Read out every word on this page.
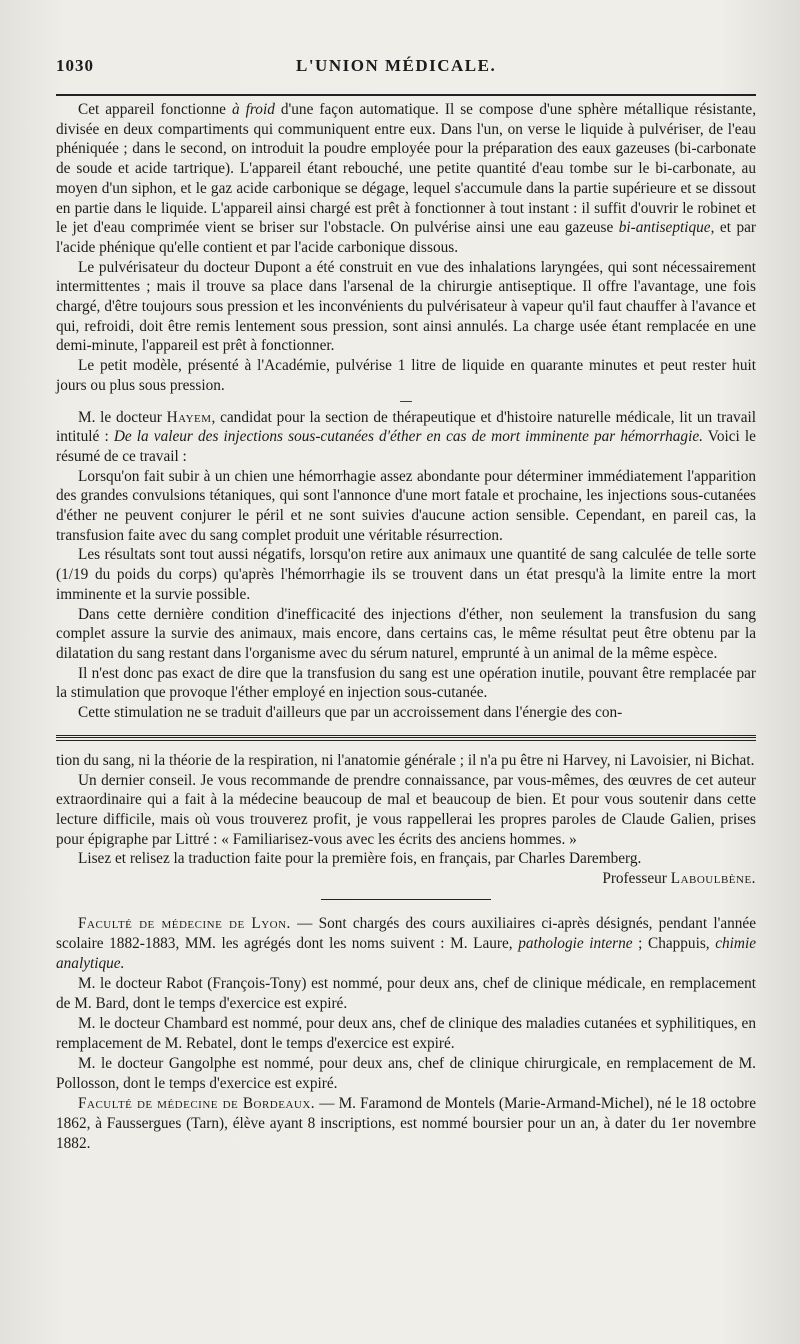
1030	L'UNION MÉDICALE.

Cet appareil fonctionne à froid d'une façon automatique. Il se compose d'une sphère métallique résistante, divisée en deux compartiments qui communiquent entre eux. Dans l'un, on verse le liquide à pulvériser, de l'eau phéniquée ; dans le second, on introduit la poudre employée pour la préparation des eaux gazeuses (bi-carbonate de soude et acide tartrique). L'appareil étant rebouché, une petite quantité d'eau tombe sur le bi-carbonate, au moyen d'un siphon, et le gaz acide carbonique se dégage, lequel s'accumule dans la partie supérieure et se dissout en partie dans le liquide. L'appareil ainsi chargé est prêt à fonctionner à tout instant : il suffit d'ouvrir le robinet et le jet d'eau comprimée vient se briser sur l'obstacle. On pulvérise ainsi une eau gazeuse bi-antiseptique, et par l'acide phénique qu'elle contient et par l'acide carbonique dissous.

Le pulvérisateur du docteur Dupont a été construit en vue des inhalations laryngées, qui sont nécessairement intermittentes ; mais il trouve sa place dans l'arsenal de la chirurgie antiseptique. Il offre l'avantage, une fois chargé, d'être toujours sous pression et les inconvénients du pulvérisateur à vapeur qu'il faut chauffer à l'avance et qui, refroidi, doit être remis lentement sous pression, sont ainsi annulés. La charge usée étant remplacée en une demi-minute, l'appareil est prêt à fonctionner.

Le petit modèle, présenté à l'Académie, pulvérise 1 litre de liquide en quarante minutes et peut rester huit jours ou plus sous pression.

—

M. le docteur Hayem, candidat pour la section de thérapeutique et d'histoire naturelle médicale, lit un travail intitulé : De la valeur des injections sous-cutanées d'éther en cas de mort imminente par hémorrhagie. Voici le résumé de ce travail :

Lorsqu'on fait subir à un chien une hémorrhagie assez abondante pour déterminer immédiatement l'apparition des grandes convulsions tétaniques, qui sont l'annonce d'une mort fatale et prochaine, les injections sous-cutanées d'éther ne peuvent conjurer le péril et ne sont suivies d'aucune action sensible. Cependant, en pareil cas, la transfusion faite avec du sang complet produit une véritable résurrection.

Les résultats sont tout aussi négatifs, lorsqu'on retire aux animaux une quantité de sang calculée de telle sorte (1/19 du poids du corps) qu'après l'hémorrhagie ils se trouvent dans un état presqu'à la limite entre la mort imminente et la survie possible.

Dans cette dernière condition d'inefficacité des injections d'éther, non seulement la transfusion du sang complet assure la survie des animaux, mais encore, dans certains cas, le même résultat peut être obtenu par la dilatation du sang restant dans l'organisme avec du sérum naturel, emprunté à un animal de la même espèce.

Il n'est donc pas exact de dire que la transfusion du sang est une opération inutile, pouvant être remplacée par la stimulation que provoque l'éther employé en injection sous-cutanée.

Cette stimulation ne se traduit d'ailleurs que par un accroissement dans l'énergie des con-

tion du sang, ni la théorie de la respiration, ni l'anatomie générale ; il n'a pu être ni Harvey, ni Lavoisier, ni Bichat.

Un dernier conseil. Je vous recommande de prendre connaissance, par vous-mêmes, des œuvres de cet auteur extraordinaire qui a fait à la médecine beaucoup de mal et beaucoup de bien. Et pour vous soutenir dans cette lecture difficile, mais où vous trouverez profit, je vous rappellerai les propres paroles de Claude Galien, prises pour épigraphe par Littré : « Familiarisez-vous avec les écrits des anciens hommes. »

Lisez et relisez la traduction faite pour la première fois, en français, par Charles Daremberg.

Professeur Laboulbène.

Faculté de médecine de Lyon. — Sont chargés des cours auxiliaires ci-après désignés, pendant l'année scolaire 1882-1883, MM. les agrégés dont les noms suivent : M. Laure, pathologie interne ; Chappuis, chimie analytique.

M. le docteur Rabot (François-Tony) est nommé, pour deux ans, chef de clinique médicale, en remplacement de M. Bard, dont le temps d'exercice est expiré.

M. le docteur Chambard est nommé, pour deux ans, chef de clinique des maladies cutanées et syphilitiques, en remplacement de M. Rebatel, dont le temps d'exercice est expiré.

M. le docteur Gangolphe est nommé, pour deux ans, chef de clinique chirurgicale, en remplacement de M. Pollosson, dont le temps d'exercice est expiré.

Faculté de médecine de Bordeaux. — M. Faramond de Montels (Marie-Armand-Michel), né le 18 octobre 1862, à Faussergues (Tarn), élève ayant 8 inscriptions, est nommé boursier pour un an, à dater du 1er novembre 1882.
